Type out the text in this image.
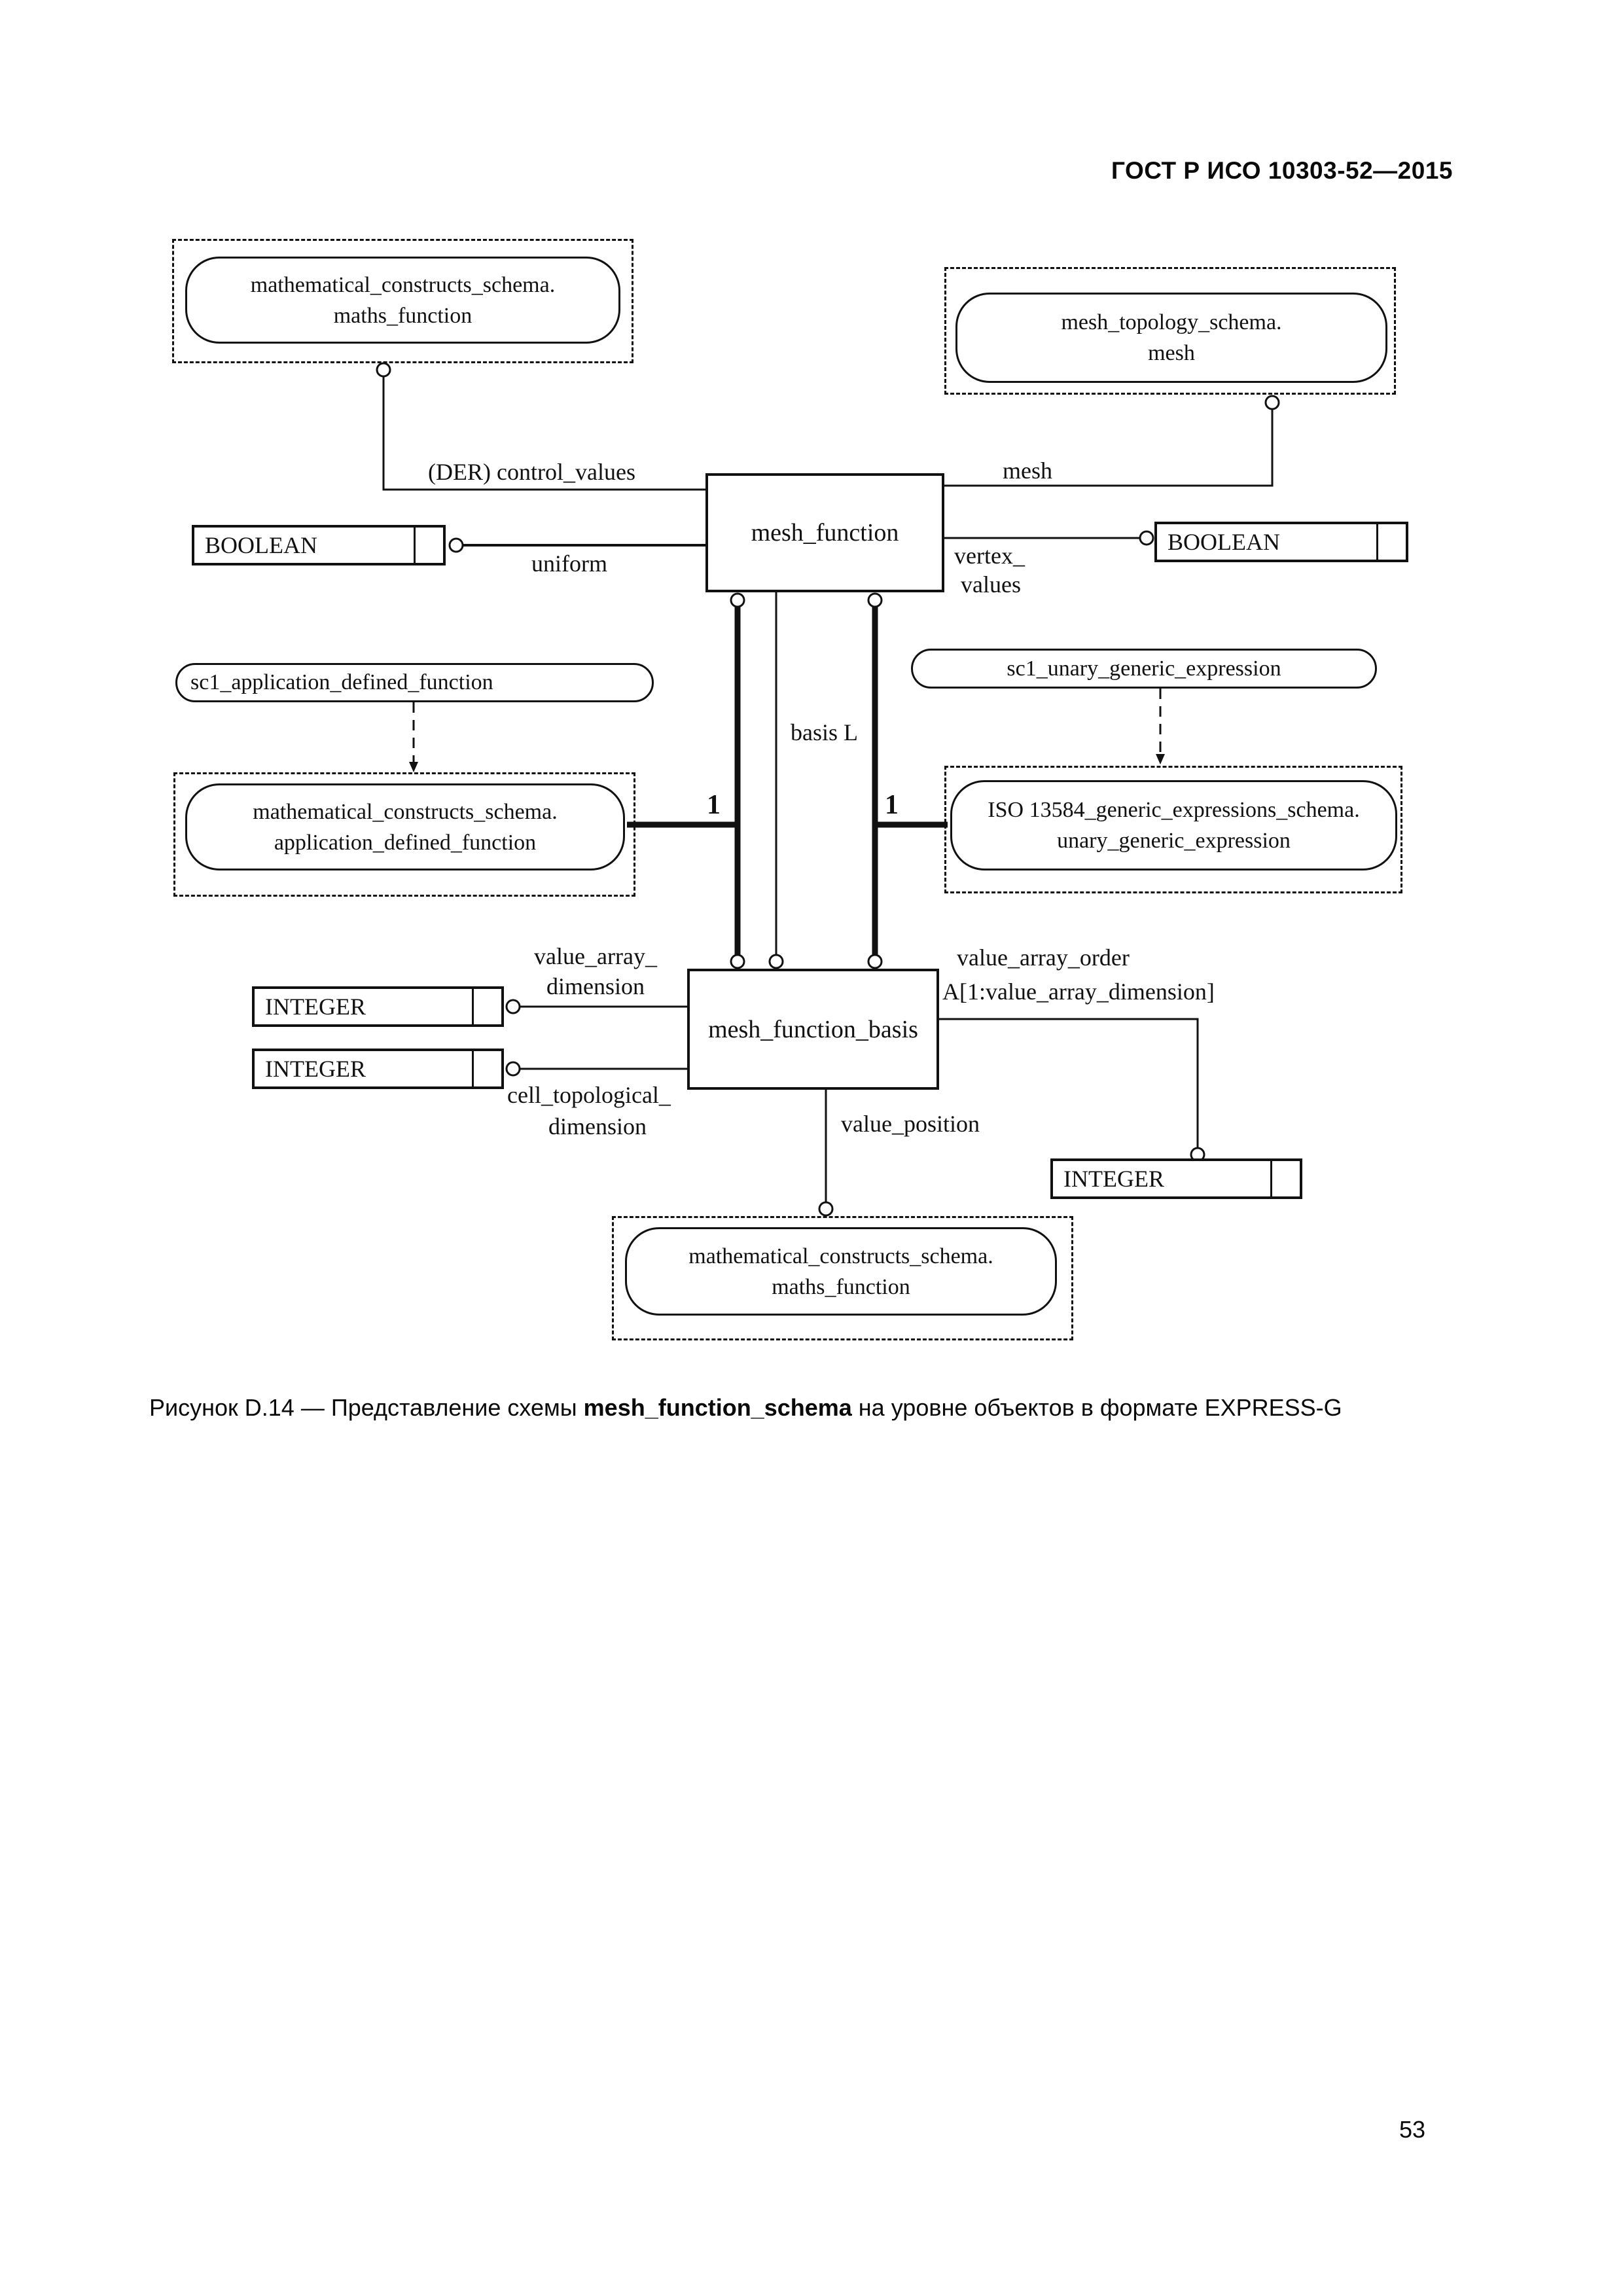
ГОСТ Р ИСО 10303-52—2015
mathematical_constructs_schema.
maths_function	mesh_topology_schema.
mesh
mesh_function
BOOLEAN	BOOLEAN
sc1_application_defined_function
sc1_unary_generic_expression
mathematical_constructs_schema.
application_defined_function
ISO 13584_generic_expressions_schema.
unary_generic_expression
mesh_function_basis
INTEGER
INTEGER
INTEGER
mathematical_constructs_schema.
maths_function
(DER) control_values	mesh
uniform	vertex_
values
basis L
1	1
value_array_
dimension
value_array_order
A[1:value_array_dimension]
cell_topological_
dimension	value_position
Рисунок D.14 — Представление схемы mesh_function_schema на уровне объектов в формате EXPRESS-G
53
